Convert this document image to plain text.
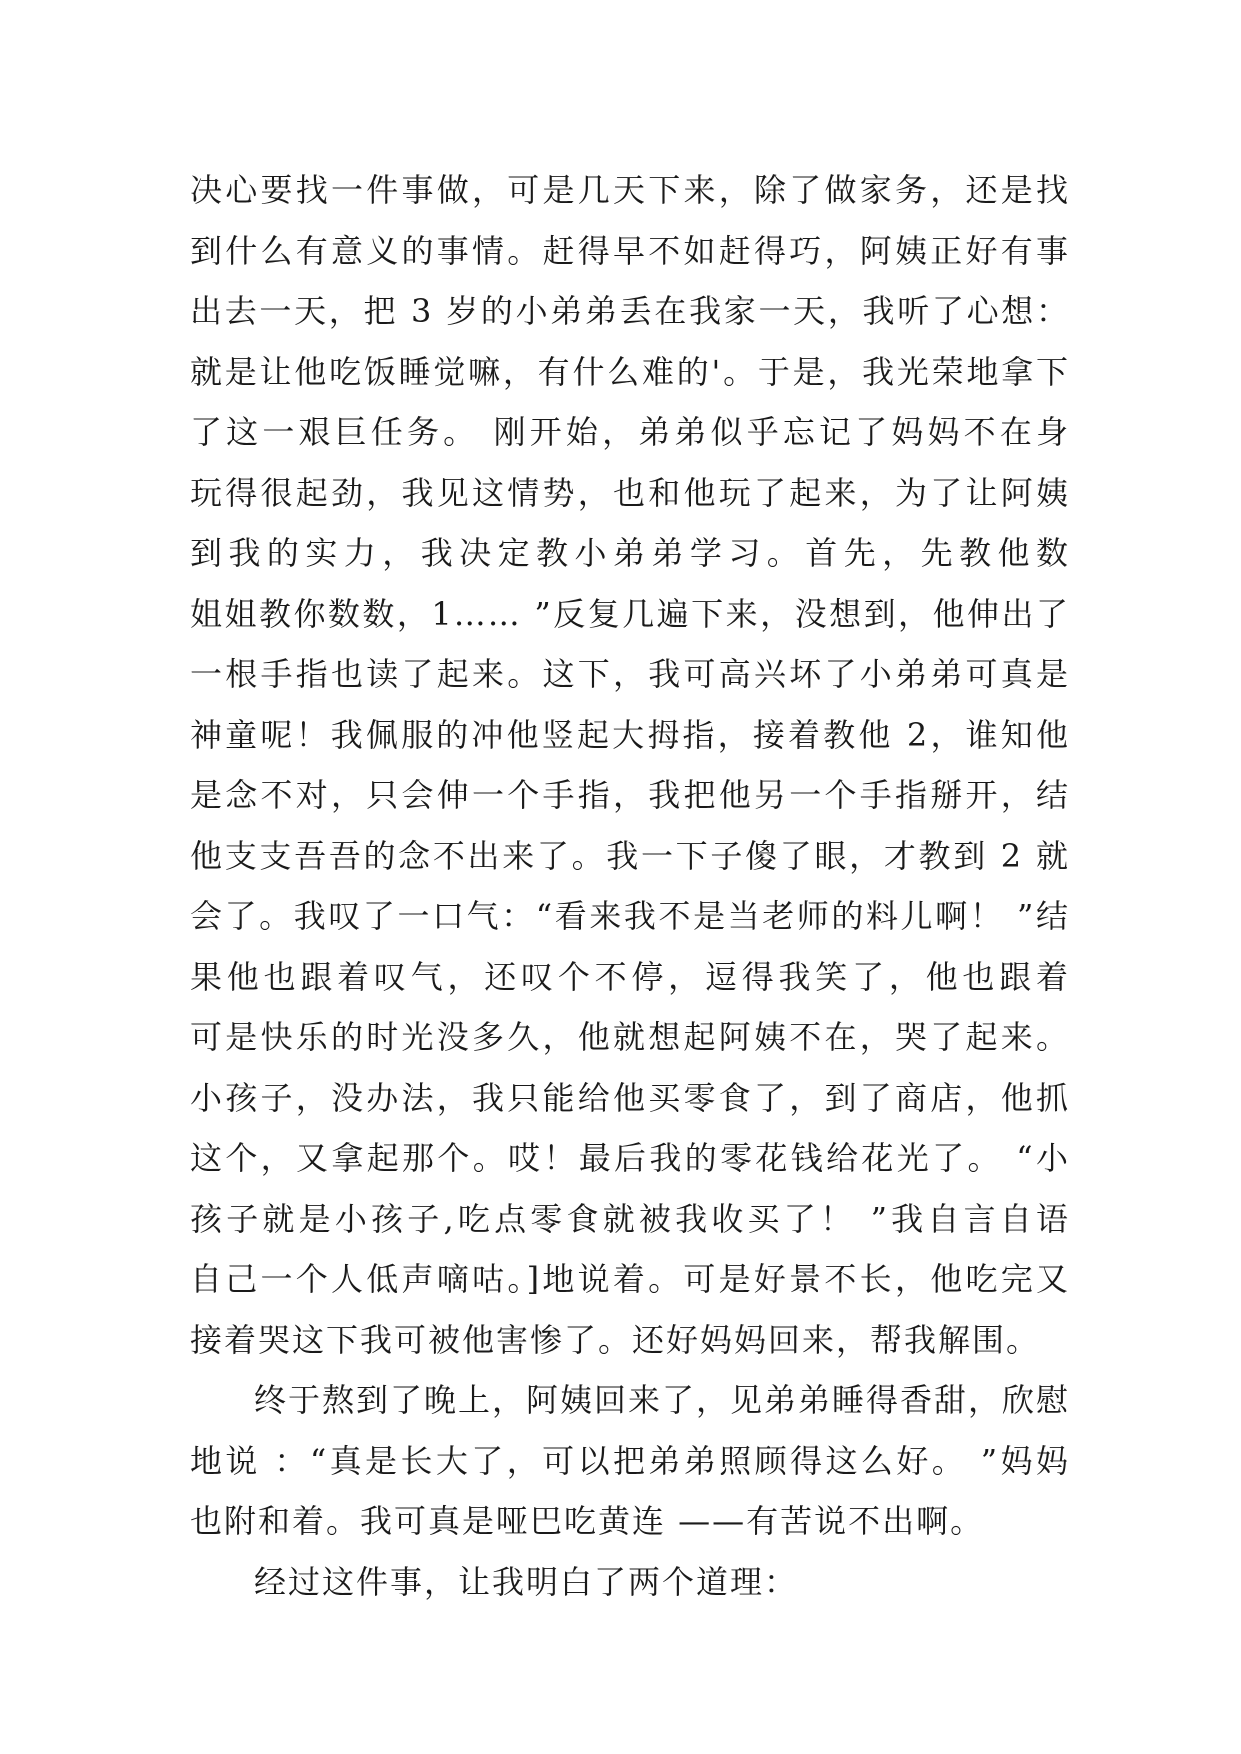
决心要找一件事做，可是几天下来，除了做家务，还是找
到什么有意义的事情。赶得早不如赶得巧，阿姨正好有事
出去一天，把 3 岁的小弟弟丢在我家一天，我听了心想：
就是让他吃饭睡觉嘛，有什么难的'。于是，我光荣地拿下
了这一艰巨任务。 刚开始，弟弟似乎忘记了妈妈不在身
玩得很起劲，我见这情势，也和他玩了起来，为了让阿姨
到我的实力，我决定教小弟弟学习。首先，先教他数
姐姐教你数数，1…… ”反复几遍下来，没想到，他伸出了
一根手指也读了起来。这下，我可高兴坏了小弟弟可真是
神童呢！我佩服的冲他竖起大拇指，接着教他 2，谁知他
是念不对，只会伸一个手指，我把他另一个手指掰开，结
他支支吾吾的念不出来了。我一下子傻了眼，才教到 2 就
会了。我叹了一口气：“看来我不是当老师的料儿啊！ ”结
果他也跟着叹气，还叹个不停，逗得我笑了，他也跟着
可是快乐的时光没多久，他就想起阿姨不在，哭了起来。
小孩子，没办法，我只能给他买零食了，到了商店，他抓
这个，又拿起那个。哎！最后我的零花钱给花光了。 “小
孩子就是小孩子,吃点零食就被我收买了！ ”我自言自语
自己一个人低声嘀咕。]地说着。可是好景不长，他吃完又
接着哭这下我可被他害惨了。还好妈妈回来，帮我解围。
终于熬到了晚上，阿姨回来了，见弟弟睡得香甜，欣慰
地说 ：“真是长大了，可以把弟弟照顾得这么好。 ”妈妈
也附和着。我可真是哑巴吃黄连 ——有苦说不出啊。
经过这件事，让我明白了两个道理：
